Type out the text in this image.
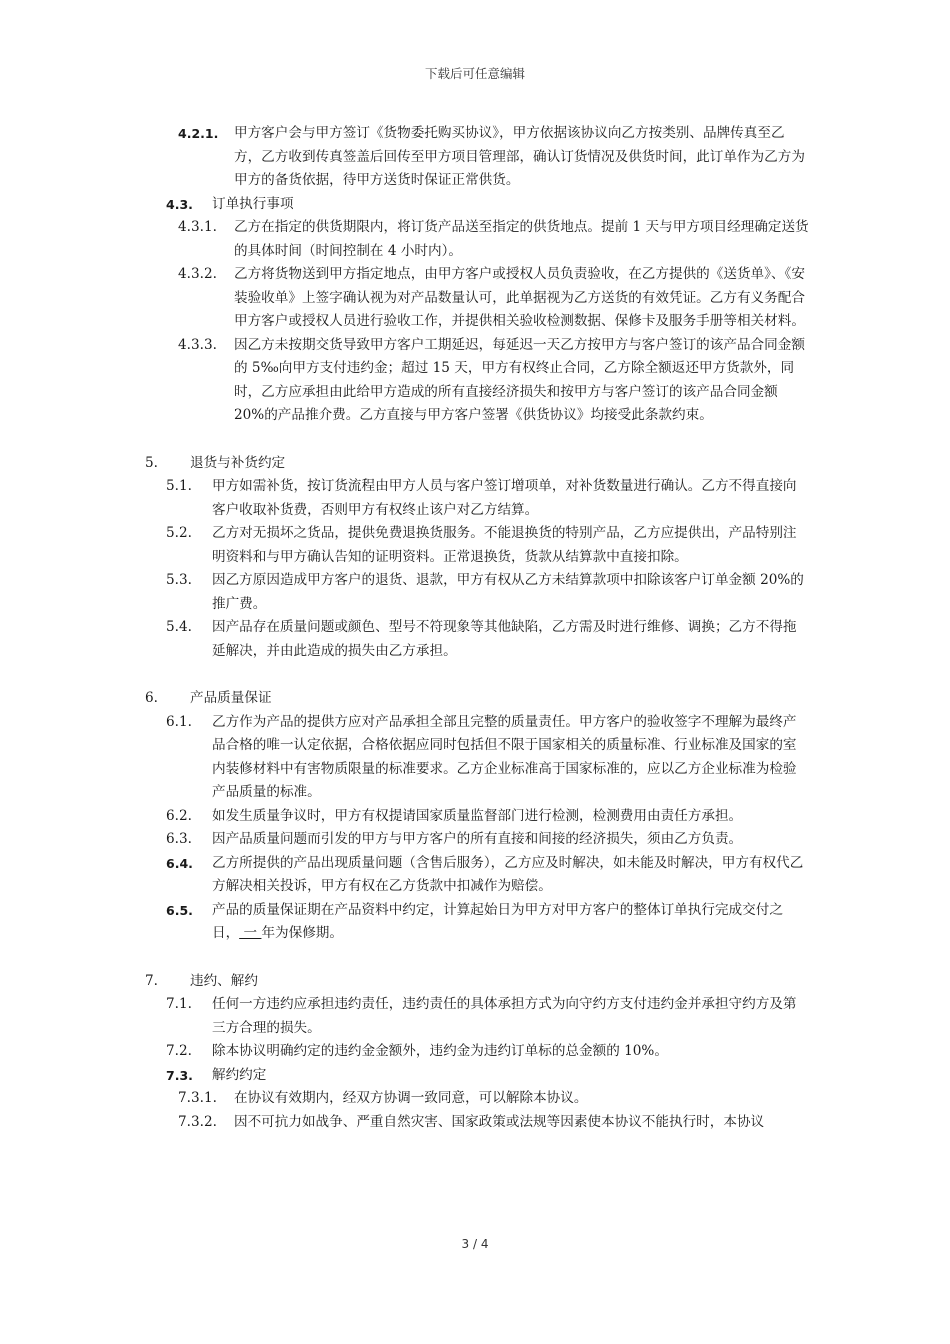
下载后可任意编辑
4.2.1. 甲方客户会与甲方签订《货物委托购买协议》，甲方依据该协议向乙方按类别、品牌传真至乙方，乙方收到传真签盖后回传至甲方项目管理部，确认订货情况及供货时间，此订单作为乙方为甲方的备货依据，待甲方送货时保证正常供货。
4.3. 订单执行事项
4.3.1. 乙方在指定的供货期限内，将订货产品送至指定的供货地点。提前 1 天与甲方项目经理确定送货的具体时间（时间控制在 4 小时内）。
4.3.2. 乙方将货物送到甲方指定地点，由甲方客户或授权人员负责验收，在乙方提供的《送货单》、《安装验收单》上签字确认视为对产品数量认可，此单据视为乙方送货的有效凭证。乙方有义务配合甲方客户或授权人员进行验收工作，并提供相关验收检测数据、保修卡及服务手册等相关材料。
4.3.3. 因乙方未按期交货导致甲方客户工期延迟，每延迟一天乙方按甲方与客户签订的该产品合同金额的 5‰向甲方支付违约金；超过 15 天，甲方有权终止合同，乙方除全额返还甲方货款外，同时，乙方应承担由此给甲方造成的所有直接经济损失和按甲方与客户签订的该产品合同金额 20%的产品推介费。乙方直接与甲方客户签署《供货协议》均接受此条款约束。
5. 退货与补货约定
5.1. 甲方如需补货，按订货流程由甲方人员与客户签订增项单，对补货数量进行确认。乙方不得直接向客户收取补货费，否则甲方有权终止该户对乙方结算。
5.2. 乙方对无损坏之货品，提供免费退换货服务。不能退换货的特别产品，乙方应提供出，产品特别注明资料和与甲方确认告知的证明资料。正常退换货，货款从结算款中直接扣除。
5.3. 因乙方原因造成甲方客户的退货、退款，甲方有权从乙方未结算款项中扣除该客户订单金额 20%的推广费。
5.4. 因产品存在质量问题或颜色、型号不符现象等其他缺陷，乙方需及时进行维修、调换；乙方不得拖延解决，并由此造成的损失由乙方承担。
6. 产品质量保证
6.1. 乙方作为产品的提供方应对产品承担全部且完整的质量责任。甲方客户的验收签字不理解为最终产品合格的唯一认定依据，合格依据应同时包括但不限于国家相关的质量标准、行业标准及国家的室内装修材料中有害物质限量的标准要求。乙方企业标准高于国家标准的，应以乙方企业标准为检验产品质量的标准。
6.2. 如发生质量争议时，甲方有权提请国家质量监督部门进行检测，检测费用由责任方承担。
6.3. 因产品质量问题而引发的甲方与甲方客户的所有直接和间接的经济损失，须由乙方负责。
6.4. 乙方所提供的产品出现质量问题（含售后服务），乙方应及时解决，如未能及时解决，甲方有权代乙方解决相关投诉，甲方有权在乙方货款中扣减作为赔偿。
6.5. 产品的质量保证期在产品资料中约定，计算起始日为甲方对甲方客户的整体订单执行完成交付之日， 一 年为保修期。
7. 违约、解约
7.1. 任何一方违约应承担违约责任，违约责任的具体承担方式为向守约方支付违约金并承担守约方及第三方合理的损失。
7.2. 除本协议明确约定的违约金金额外，违约金为违约订单标的总金额的 10%。
7.3. 解约约定
7.3.1. 在协议有效期内，经双方协调一致同意，可以解除本协议。
7.3.2. 因不可抗力如战争、严重自然灾害、国家政策或法规等因素使本协议不能执行时，本协议
3 / 4
